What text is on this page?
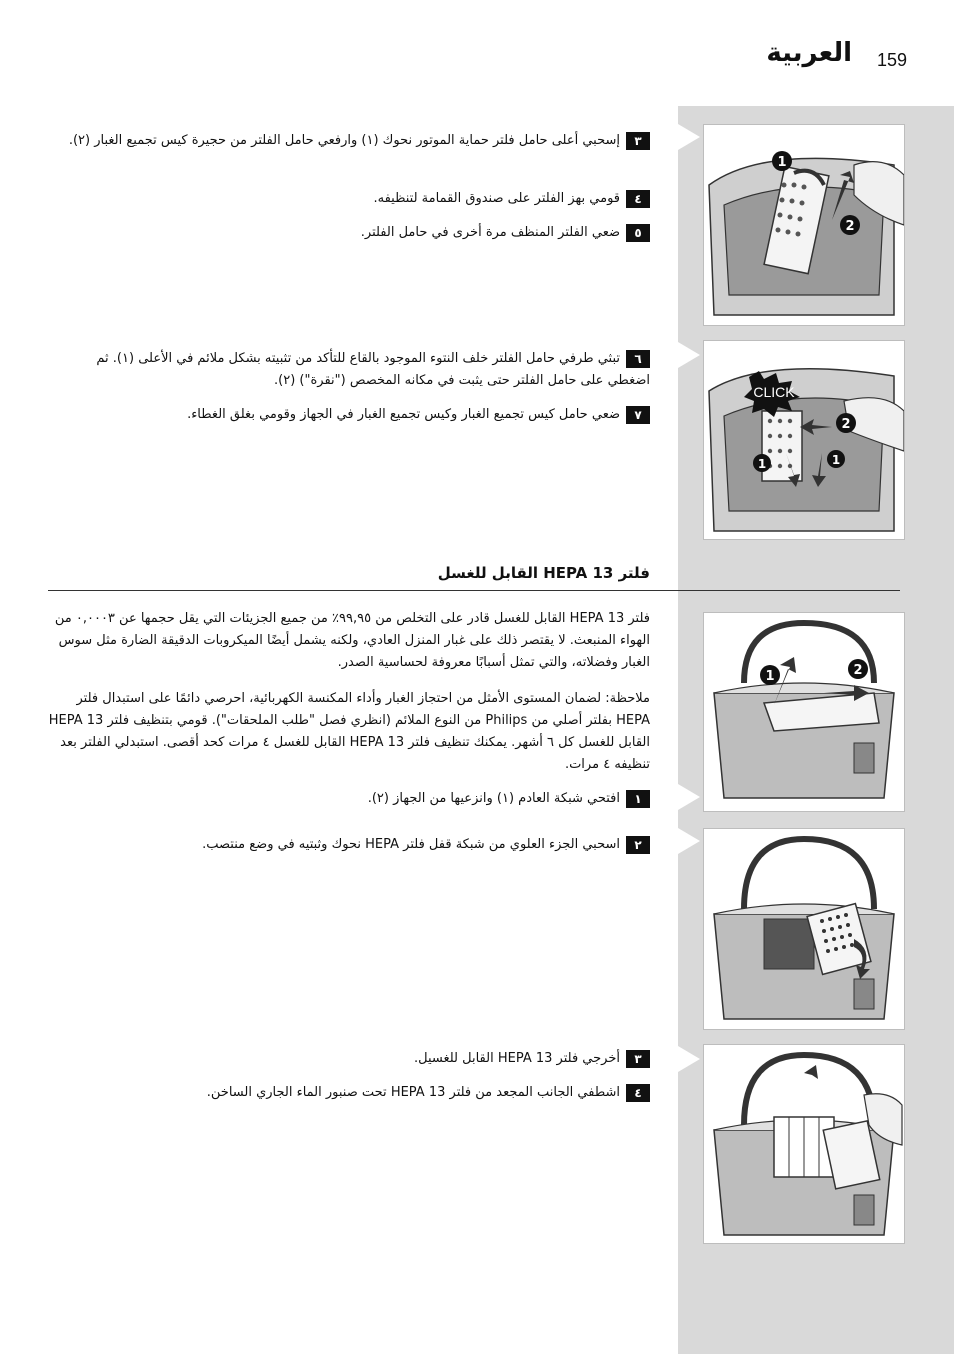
العربية 159
1
2
CLICK
2
1	1
1	2
٣إسحبي أعلى حامل فلتر حماية الموتور نحوك (١) وارفعي حامل الفلتر من حجيرة كيس تجميع الغبار (٢).
٤قومي بهز الفلتر على صندوق القمامة لتنظيفه.
٥ضعي الفلتر المنظف مرة أخرى في حامل الفلتر.
٦تبثي طرفي حامل الفلتر خلف النتوء الموجود بالقاع للتأكد من تثبيته بشكل ملائم في الأعلى (١). ثم اضغطي على حامل الفلتر حتى يثبت في مكانه المخصص ("نقرة") (٢).
٧ضعي حامل كيس تجميع الغبار وكيس تجميع الغبار في الجهاز وقومي بغلق الغطاء.
فلتر HEPA 13 القابل للغسل
فلتر HEPA 13 القابل للغسل قادر على التخلص من ٩٩,٩٥٪ من جميع الجزيئات التي يقل حجمها عن ٠,٠٠٠٣ من الهواء المنبعث. لا يقتصر ذلك على غبار المنزل العادي، ولكنه يشمل أيضًا الميكروبات الدقيقة الضارة مثل سوس الغبار وفضلاته، والتي تمثل أسبابًا معروفة لحساسية الصدر.
ملاحظة: لضمان المستوى الأمثل من احتجاز الغبار وأداء المكنسة الكهربائية، احرصي دائمًا على استبدال فلتر HEPA بفلتر أصلي من Philips من النوع الملائم (انظري فصل "طلب الملحقات"). قومي بتنظيف فلتر HEPA 13 القابل للغسل كل ٦ أشهر. يمكنك تنظيف فلتر HEPA 13 القابل للغسل ٤ مرات كحد أقصى. استبدلي الفلتر بعد تنظيفه ٤ مرات.
١افتحي شبكة العادم (١) وانزعيها من الجهاز (٢).
٢اسحبي الجزء العلوي من شبكة قفل فلتر HEPA نحوك وثبتيه في وضع منتصب.
٣أخرجي فلتر HEPA 13 القابل للغسيل.
٤اشطفي الجانب المجعد من فلتر HEPA 13 تحت صنبور الماء الجاري الساخن.
